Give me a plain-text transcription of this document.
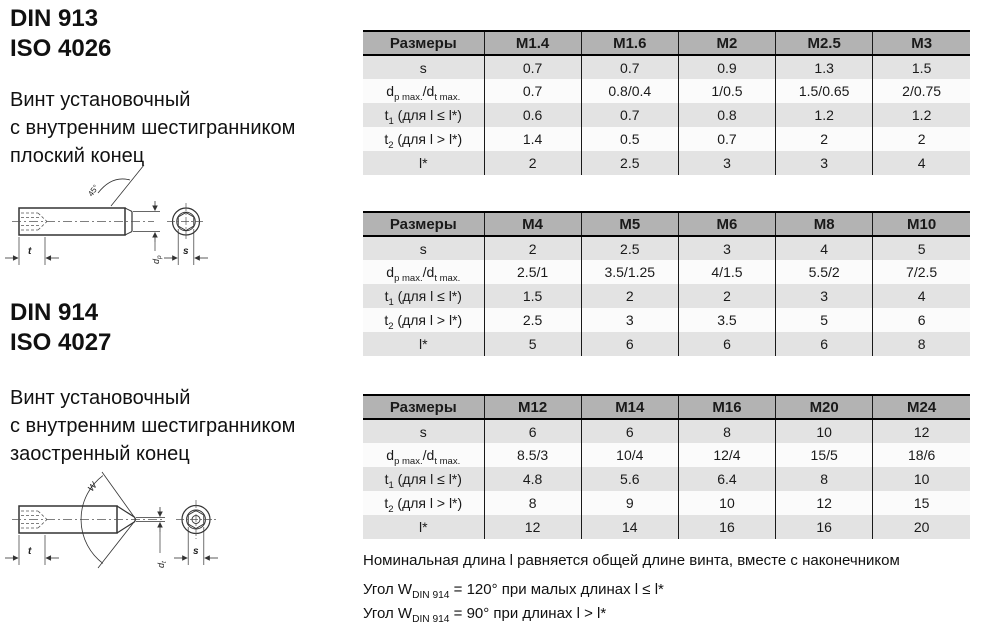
DIN 913
ISO 4026
Винт установочный
с внутренним шестигранником
плоский конец
45°
t
$d_p$
s
DIN 914
ISO 4027
Винт установочный
с внутренним шестигранником
заостренный конец
W
t
$d_t$
s
Размеры	M1.4	M1.6	M2	M2.5	M3
s	0.7	0.7	0.9	1.3	1.5
$d_{p max.}/d_{t max.}$	0.7	0.8/0.4	1/0.5	1.5/0.65	2/0.75
$t_1$ (для l ≤ l*)	0.6	0.7	0.8	1.2	1.2
$t_2$ (для l > l*)	1.4	0.5	0.7	2	2
l*	2	2.5	3	3	4
Размеры	M4	M5	M6	M8	M10
s	2	2.5	3	4	5
$d_{p max.}/d_{t max.}$	2.5/1	3.5/1.25	4/1.5	5.5/2	7/2.5
$t_1$ (для l ≤ l*)	1.5	2	2	3	4
$t_2$ (для l > l*)	2.5	3	3.5	5	6
l*	5	6	6	6	8
Размеры	M12	M14	M16	M20	M24
s	6	6	8	10	12
$d_{p max.}/d_{t max.}$	8.5/3	10/4	12/4	15/5	18/6
$t_1$ (для l ≤ l*)	4.8	5.6	6.4	8	10
$t_2$ (для l > l*)	8	9	10	12	15
l*	12	14	16	16	20
Номинальная длина l равняется общей длине винта, вместе с наконечником
Угол $W_{DIN 914} = 120^\circ$ при малых длинах l ≤ l*
Угол $W_{DIN 914} = 90^\circ$ при длинах l > l*
